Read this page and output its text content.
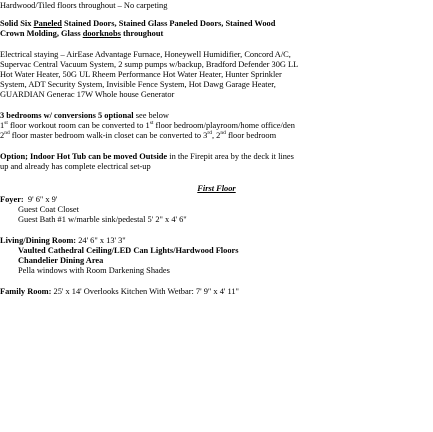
Hardwood/Tiled floors throughout – No carpeting
Solid Six Paneled Stained Doors, Stained Glass Paneled Doors, Stained Wood
Crown Molding, Glass doorknobs throughout
Electrical staying – AirEase Advantage Furnace, Honeywell Humidifier, Concord A/C,
Supervac Central Vacuum System, 2 sump pumps w/backup, Bradford Defender 30G LL
Hot Water Heater, 50G UL Rheem Performance Hot Water Heater, Hunter Sprinkler
System, ADT Security System, Invisible Fence System, Hot Dawg Garage Heater,
GUARDIAN Generac 17W Whole house Generator
3 bedrooms w/ conversions 5 optional see below
1st floor workout room can be converted to 1st floor bedroom/playroom/home office/den
2nd floor master bedroom walk-in closet can be converted to 3rd, 2nd floor bedroom
Option; Indoor Hot Tub can be moved Outside in the Firepit area by the deck it lines
up and already has complete electrical set-up
First Floor
Foyer: 9' 6" x 9'
Guest Coat Closet
Guest Bath #1 w/marble sink/pedestal 5' 2" x 4' 6"
Living/Dining Room: 24' 6" x 13' 3"
Vaulted Cathedral Ceiling/LED Can Lights/Hardwood Floors
Chandelier Dining Area
Pella windows with Room Darkening Shades
Family Room: 25' x 14' Overlooks Kitchen With Wetbar: 7' 9" x 4' 11"
